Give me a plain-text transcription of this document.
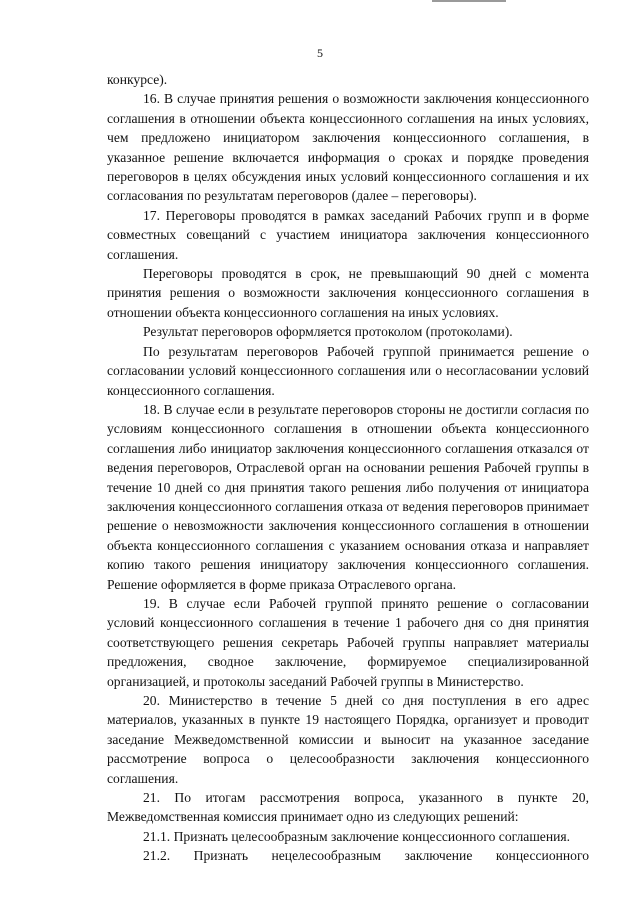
5

конкурсе).

16. В случае принятия решения о возможности заключения концессионного соглашения в отношении объекта концессионного соглашения на иных условиях, чем предложено инициатором заключения концессионного соглашения, в указанное решение включается информация о сроках и порядке проведения переговоров в целях обсуждения иных условий концессионного соглашения и их согласования по результатам переговоров (далее – переговоры).

17. Переговоры проводятся в рамках заседаний Рабочих групп и в форме совместных совещаний с участием инициатора заключения концессионного соглашения.

Переговоры проводятся в срок, не превышающий 90 дней с момента принятия решения о возможности заключения концессионного соглашения в отношении объекта концессионного соглашения на иных условиях.

Результат переговоров оформляется протоколом (протоколами).

По результатам переговоров Рабочей группой принимается решение о согласовании условий концессионного соглашения или о несогласовании условий концессионного соглашения.

18. В случае если в результате переговоров стороны не достигли согласия по условиям концессионного соглашения в отношении объекта концессионного соглашения либо инициатор заключения концессионного соглашения отказался от ведения переговоров, Отраслевой орган на основании решения Рабочей группы в течение 10 дней со дня принятия такого решения либо получения от инициатора заключения концессионного соглашения отказа от ведения переговоров принимает решение о невозможности заключения концессионного соглашения в отношении объекта концессионного соглашения с указанием основания отказа и направляет копию такого решения инициатору заключения концессионного соглашения. Решение оформляется в форме приказа Отраслевого органа.

19. В случае если Рабочей группой принято решение о согласовании условий концессионного соглашения в течение 1 рабочего дня со дня принятия соответствующего решения секретарь Рабочей группы направляет материалы предложения, сводное заключение, формируемое специализированной организацией, и протоколы заседаний Рабочей группы в Министерство.

20. Министерство в течение 5 дней со дня поступления в его адрес материалов, указанных в пункте 19 настоящего Порядка, организует и проводит заседание Межведомственной комиссии и выносит на указанное заседание рассмотрение вопроса о целесообразности заключения концессионного соглашения.

21. По итогам рассмотрения вопроса, указанного в пункте 20, Межведомственная комиссия принимает одно из следующих решений:

21.1. Признать целесообразным заключение концессионного соглашения.

21.2. Признать нецелесообразным заключение концессионного
